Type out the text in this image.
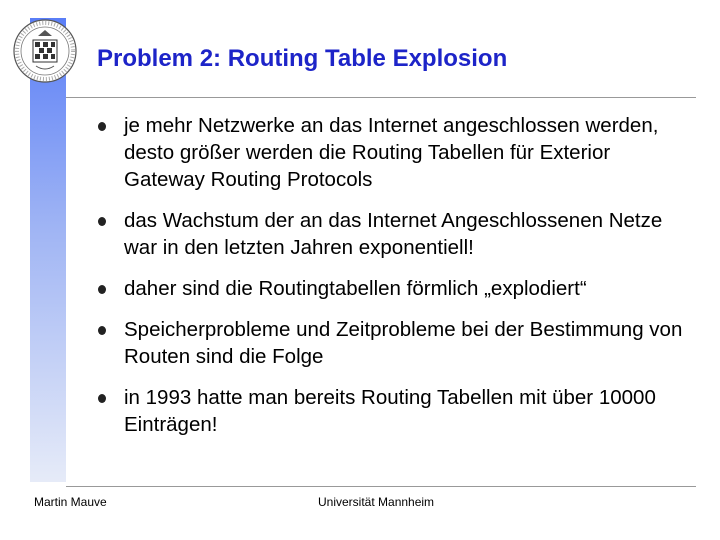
Problem 2: Routing Table Explosion
je mehr Netzwerke an das Internet angeschlossen werden, desto größer werden die Routing Tabellen für Exterior Gateway Routing Protocols
das Wachstum der an das Internet Angeschlossenen Netze war in den letzten Jahren exponentiell!
daher sind die Routingtabellen förmlich „explodiert“
Speicherprobleme und Zeitprobleme bei der Bestimmung von Routen sind die Folge
in 1993 hatte man bereits Routing Tabellen mit über 10000 Einträgen!
Martin Mauve	Universität Mannheim
